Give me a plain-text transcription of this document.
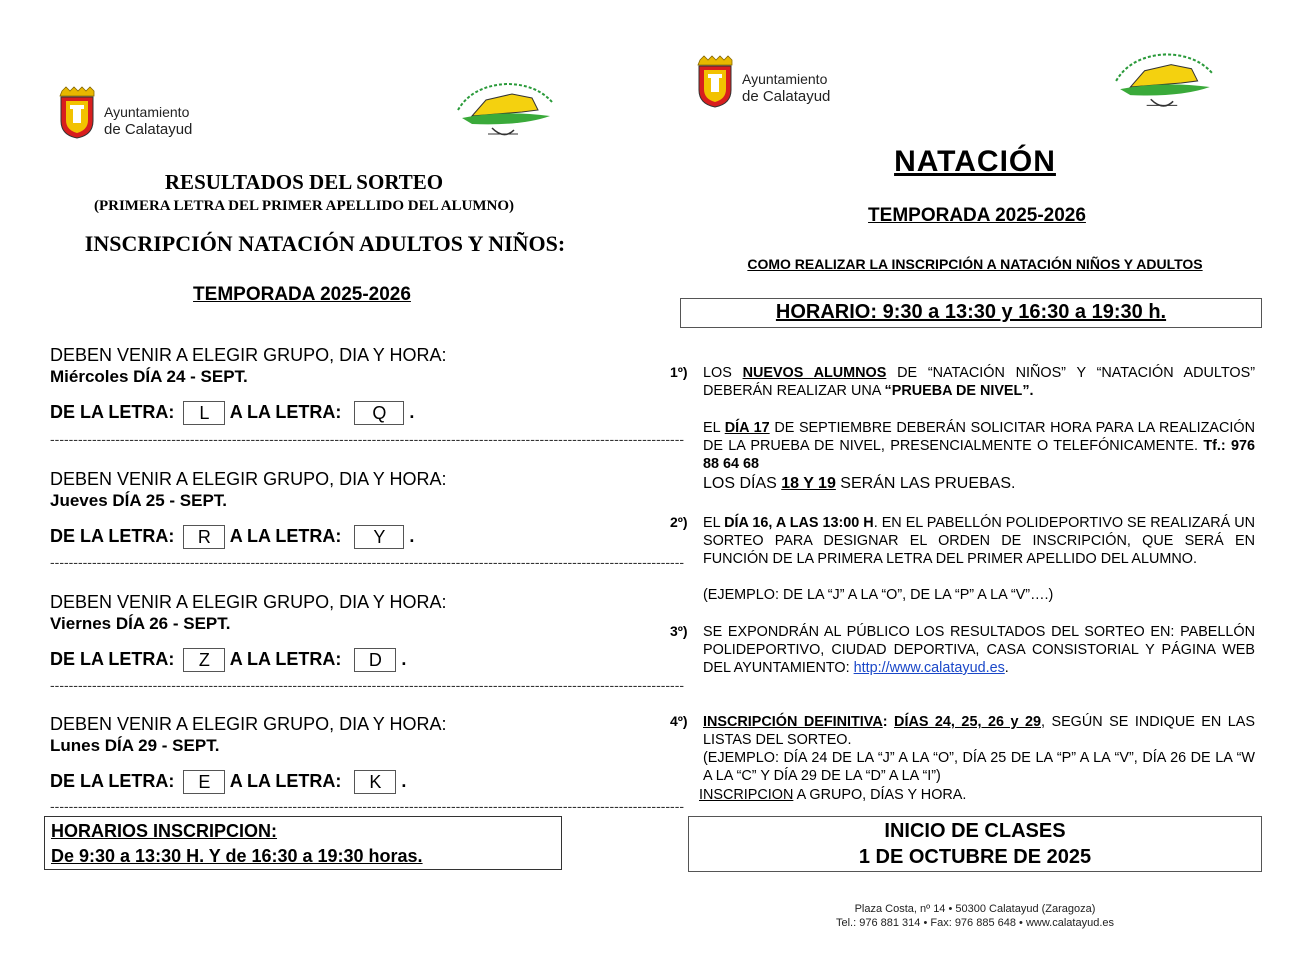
Ayuntamiento
de Calatayud
RESULTADOS DEL SORTEO
(PRIMERA LETRA DEL PRIMER APELLIDO DEL ALUMNO)
INSCRIPCIÓN NATACIÓN ADULTOS Y NIÑOS:
TEMPORADA 2025-2026
DEBEN VENIR A ELEGIR GRUPO, DIA Y HORA:
Miércoles DÍA 24 - SEPT.
DE LA LETRA: L A LA LETRA: Q .
----------------------------------------------------------------------------------------------------------------------------------------
DEBEN VENIR A ELEGIR GRUPO, DIA Y HORA:
Jueves DÍA 25 - SEPT.
DE LA LETRA: R A LA LETRA: Y .
----------------------------------------------------------------------------------------------------------------------------------------
DEBEN VENIR A ELEGIR GRUPO, DIA Y HORA:
Viernes DÍA 26 - SEPT.
DE LA LETRA: Z A LA LETRA: D .
----------------------------------------------------------------------------------------------------------------------------------------
DEBEN VENIR A ELEGIR GRUPO, DIA Y HORA:
Lunes DÍA 29 - SEPT.
DE LA LETRA: E A LA LETRA: K .
----------------------------------------------------------------------------------------------------------------------------------------
HORARIOS INSCRIPCION:
De 9:30 a 13:30 H. Y de 16:30 a 19:30 horas.
Ayuntamiento
de Calatayud
NATACIÓN
TEMPORADA 2025-2026
COMO REALIZAR LA INSCRIPCIÓN A NATACIÓN NIÑOS Y ADULTOS
HORARIO: 9:30 a 13:30 y 16:30 a 19:30 h.
1º) LOS NUEVOS ALUMNOS DE “NATACIÓN NIÑOS” Y “NATACIÓN ADULTOS” DEBERÁN REALIZAR UNA “PRUEBA DE NIVEL”.
EL DÍA 17 DE SEPTIEMBRE DEBERÁN SOLICITAR HORA PARA LA REALIZACIÓN DE LA PRUEBA DE NIVEL, PRESENCIALMENTE O TELEFÓNICAMENTE. Tf.: 976 88 64 68
LOS DÍAS 18 Y 19 SERÁN LAS PRUEBAS.
2º) EL DÍA 16, A LAS 13:00 H. EN EL PABELLÓN POLIDEPORTIVO SE REALIZARÁ UN SORTEO PARA DESIGNAR EL ORDEN DE INSCRIPCIÓN, QUE SERÁ EN FUNCIÓN DE LA PRIMERA LETRA DEL PRIMER APELLIDO DEL ALUMNO.
(EJEMPLO: DE LA “J” A LA “O”, DE LA “P” A LA “V”….)
3º) SE EXPONDRÁN AL PÚBLICO LOS RESULTADOS DEL SORTEO EN: PABELLÓN POLIDEPORTIVO, CIUDAD DEPORTIVA, CASA CONSISTORIAL Y PÁGINA WEB DEL AYUNTAMIENTO: http://www.calatayud.es.
4º) INSCRIPCIÓN DEFINITIVA: DÍAS 24, 25, 26 y 29, SEGÚN SE INDIQUE EN LAS LISTAS DEL SORTEO.
(EJEMPLO: DÍA 24 DE LA “J” A LA “O”, DÍA 25 DE LA “P” A LA “V”, DÍA 26 DE LA “W A LA “C” Y DÍA 29 DE LA “D” A LA “I”)
INSCRIPCION A GRUPO, DÍAS Y HORA.
INICIO DE CLASES
1 DE OCTUBRE DE 2025
Plaza Costa, nº 14 • 50300 Calatayud (Zaragoza)
Tel.: 976 881 314 • Fax: 976 885 648 • www.calatayud.es
